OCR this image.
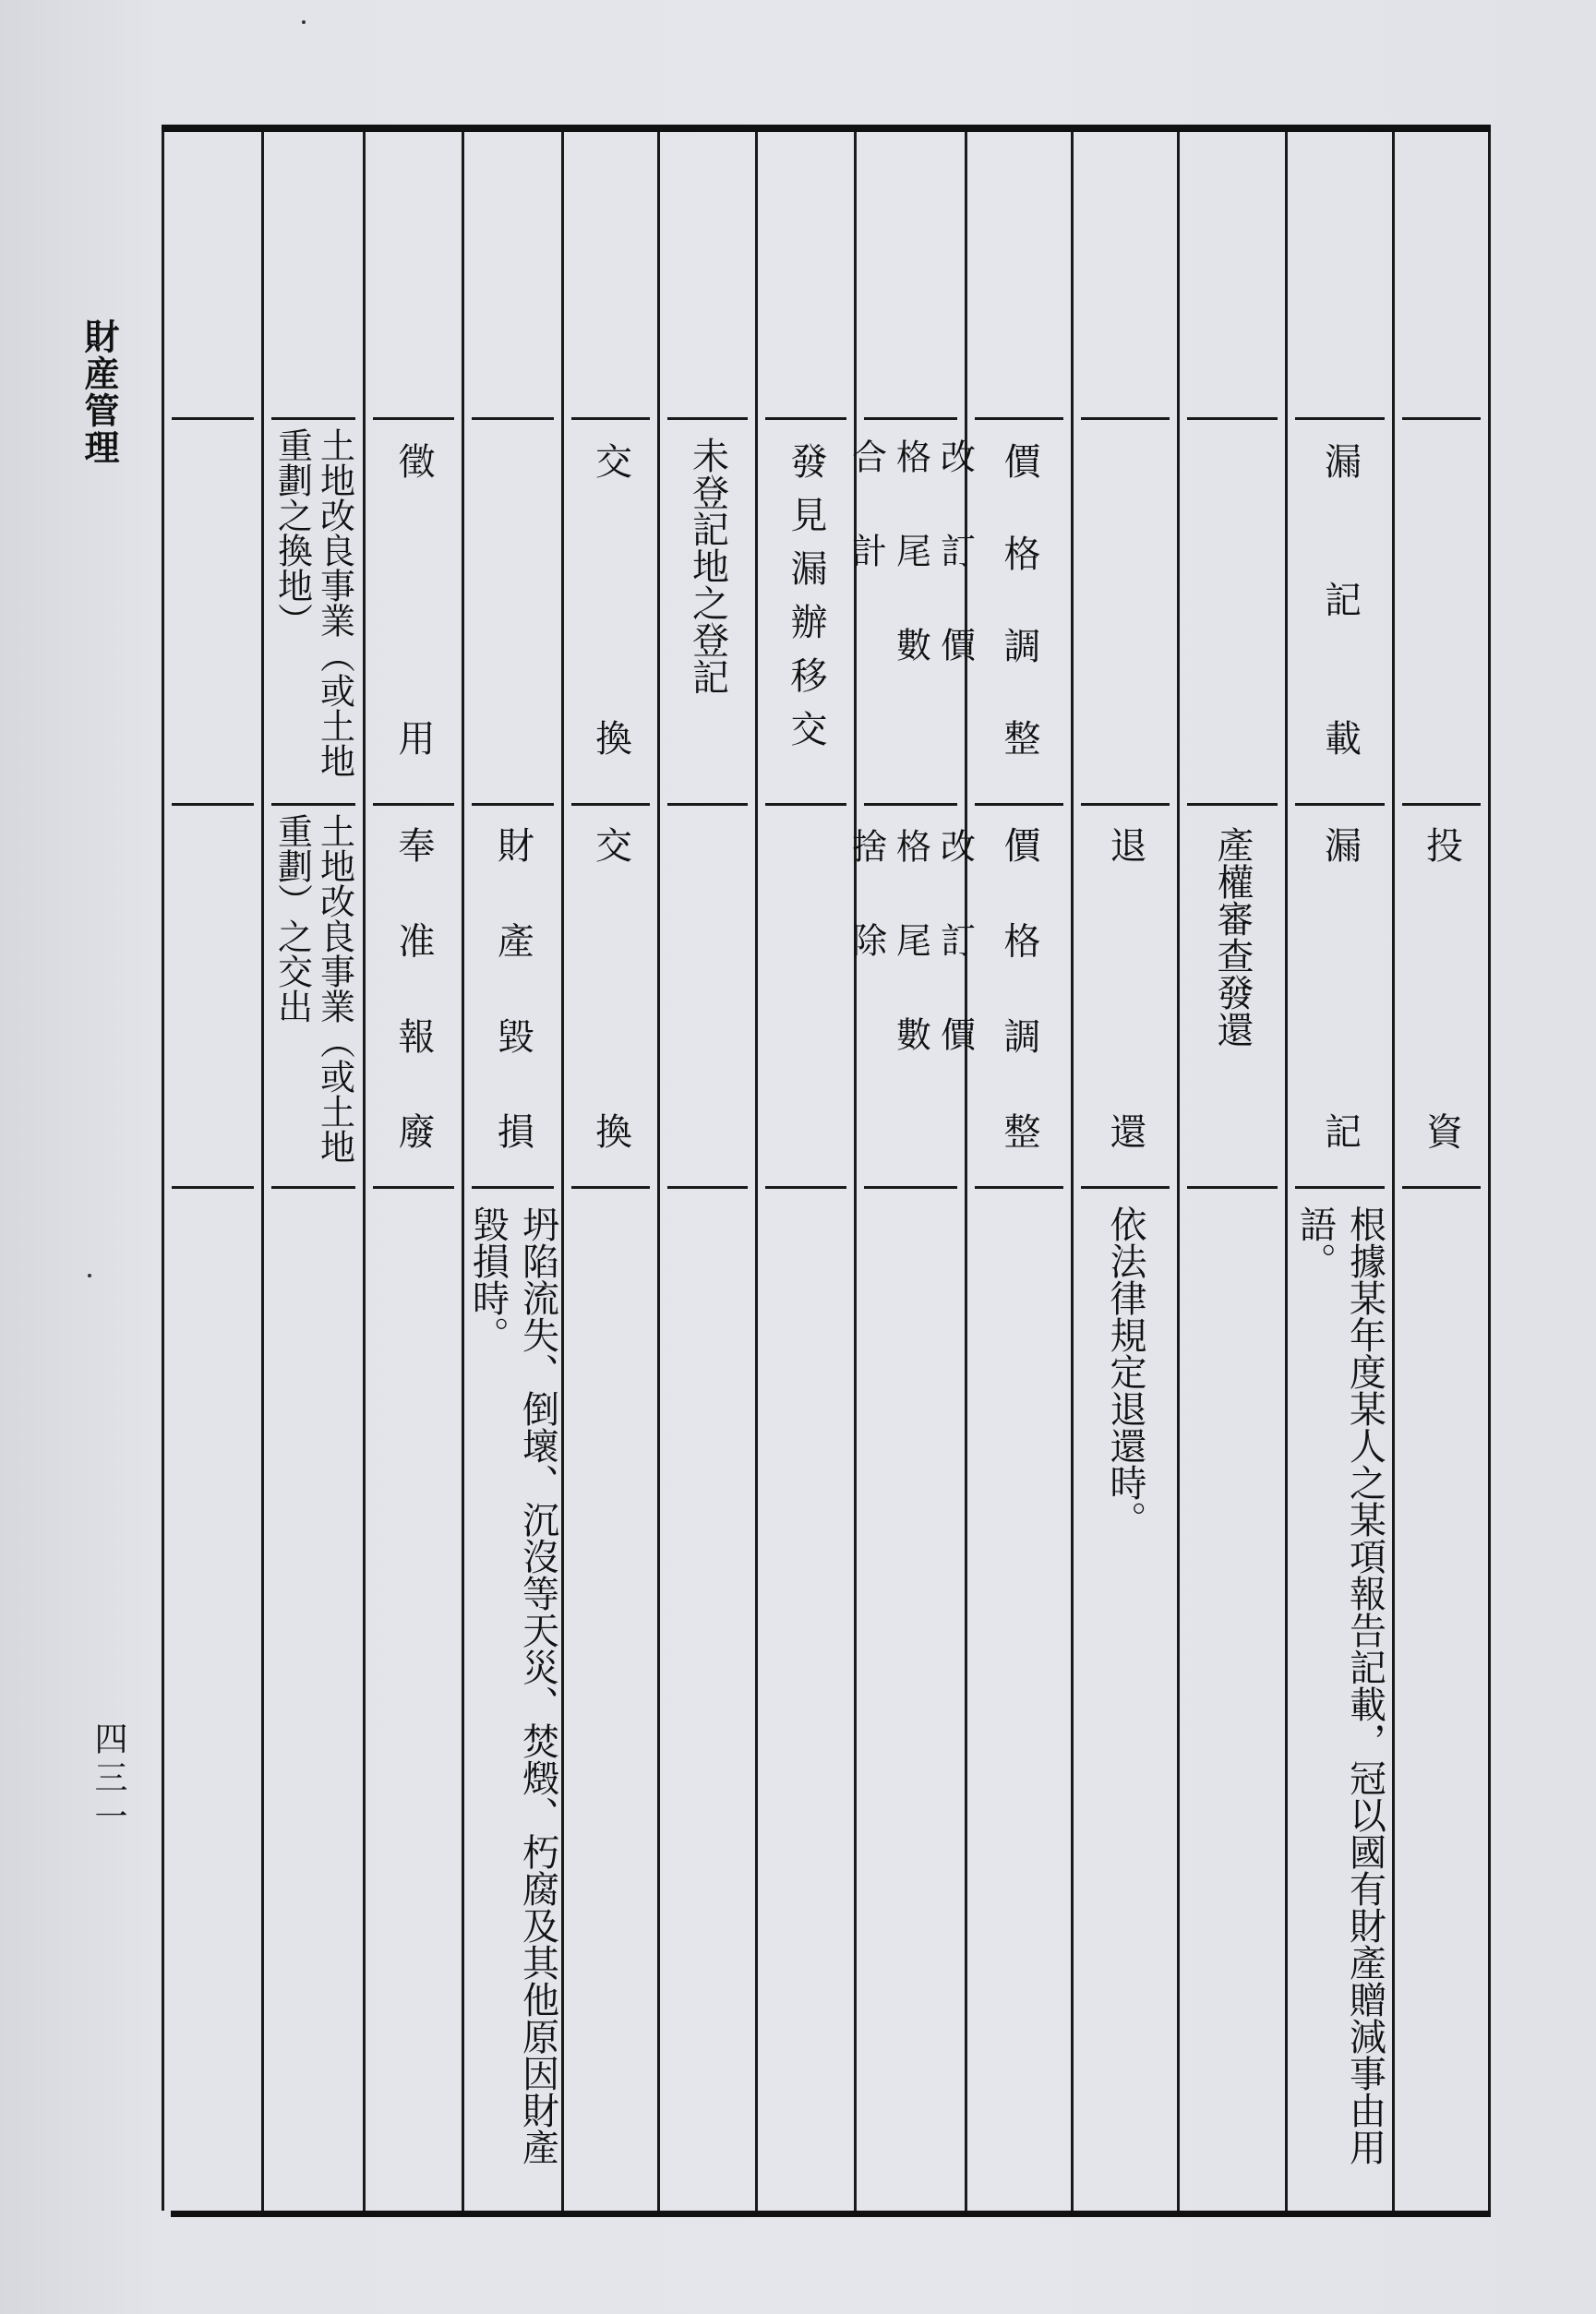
財産管理
四三一
投資
漏記載
漏記
根據某年度某人之某項報告記載，冠以國有財產贈減事由用語。
產權審查發還
退還
依法律規定退還時。
價格調整
價格調整
改訂價格尾數合計
改訂價格尾數捨除
發見漏辦移交
未登記地之登記
交換
交換
財產毀損
坍陷流失、倒壞、沉沒等天災、焚燬、朽腐及其他原因財產毀損時。
徵用
奉准報廢
土地改良事業（或土地重劃之換地）
土地改良事業（或土地重劃）之交出
